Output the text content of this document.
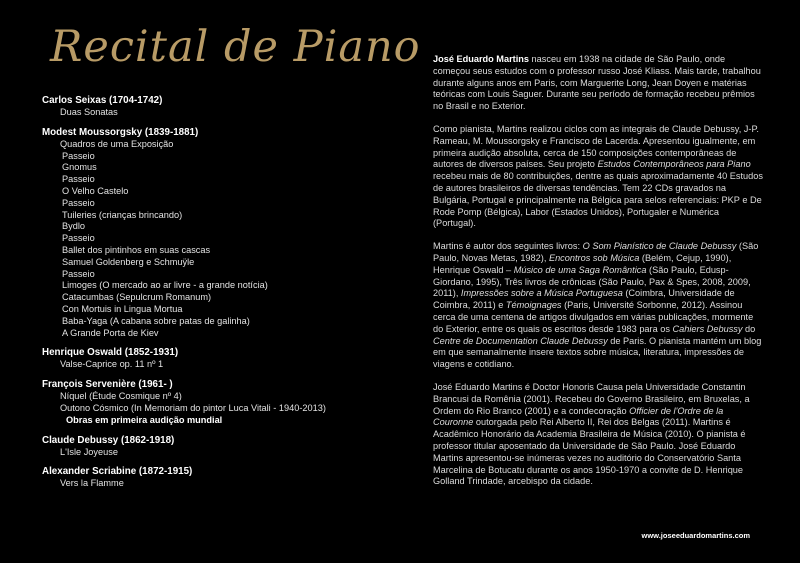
Recital de Piano
Carlos Seixas (1704-1742)
Duas Sonatas
Modest Moussorgsky (1839-1881)
Quadros de uma Exposição
Passeio
Gnomus
Passeio
O Velho Castelo
Passeio
Tuileries (crianças brincando)
Bydlo
Passeio
Ballet dos pintinhos em suas cascas
Samuel Goldenberg e Schmuÿle
Passeio
Limoges (O mercado ao ar livre - a grande notícia)
Catacumbas (Sepulcrum Romanum)
Con Mortuis in Lingua Mortua
Baba-Yaga (A cabana sobre patas de galinha)
A Grande Porta de Kiev
Henrique Oswald (1852-1931)
Valse-Caprice op. 11 nº 1
François Servenière (1961- )
Níquel (Étude Cosmique nº 4)
Outono Cósmico (In Memoriam do pintor Luca Vitali - 1940-2013)
Obras em primeira audição mundial
Claude Debussy (1862-1918)
L'Isle Joyeuse
Alexander Scriabine (1872-1915)
Vers la Flamme
José Eduardo Martins nasceu em 1938 na cidade de São Paulo, onde começou seus estudos com o professor russo José Kliass. Mais tarde, trabalhou durante alguns anos em Paris, com Marguerite Long, Jean Doyen e matérias teóricas com Louis Saguer. Durante seu período de formação recebeu prêmios no Brasil e no Exterior.
Como pianista, Martins realizou ciclos com as integrais de Claude Debussy, J-P. Rameau, M. Moussorgsky e Francisco de Lacerda. Apresentou igualmente, em primeira audição absoluta, cerca de 150 composições contemporâneas de autores de diversos países. Seu projeto Estudos Contemporâneos para Piano recebeu mais de 80 contribuições, dentre as quais aproximadamente 40 Estudos de autores brasileiros de diversas tendências. Tem 22 CDs gravados na Bulgária, Portugal e principalmente na Bélgica para selos referenciais: PKP e De Rode Pomp (Bélgica), Labor (Estados Unidos), Portugaler e Numérica (Portugal).
Martins é autor dos seguintes livros: O Som Pianístico de Claude Debussy (São Paulo, Novas Metas, 1982), Encontros sob Música (Belém, Cejup, 1990), Henrique Oswald – Músico de uma Saga Romântica (São Paulo, Edusp-Giordano, 1995), Três livros de crônicas (São Paulo, Pax & Spes, 2008, 2009, 2011), Impressões sobre a Música Portuguesa (Coimbra, Universidade de Coimbra, 2011) e Témoignages (Paris, Université Sorbonne, 2012). Assinou cerca de uma centena de artigos divulgados em várias publicações, mormente do Exterior, entre os quais os escritos desde 1983 para os Cahiers Debussy do Centre de Documentation Claude Debussy de Paris. O pianista mantém um blog em que semanalmente insere textos sobre música, literatura, impressões de viagens e cotidiano.
José Eduardo Martins é Doctor Honoris Causa pela Universidade Constantin Brancusi da Romênia (2001). Recebeu do Governo Brasileiro, em Bruxelas, a Ordem do Rio Branco (2001) e a condecoração Officier de l'Ordre de la Couronne outorgada pelo Rei Alberto II, Rei dos Belgas (2011). Martins é Acadêmico Honorário da Academia Brasileira de Música (2010). O pianista é professor titular aposentado da Universidade de São Paulo. José Eduardo Martins apresentou-se inúmeras vezes no auditório do Conservatório Santa Marcelina de Botucatu durante os anos 1950-1970 a convite de D. Henrique Golland Trindade, arcebispo da cidade.
www.joseeduardomartins.com
